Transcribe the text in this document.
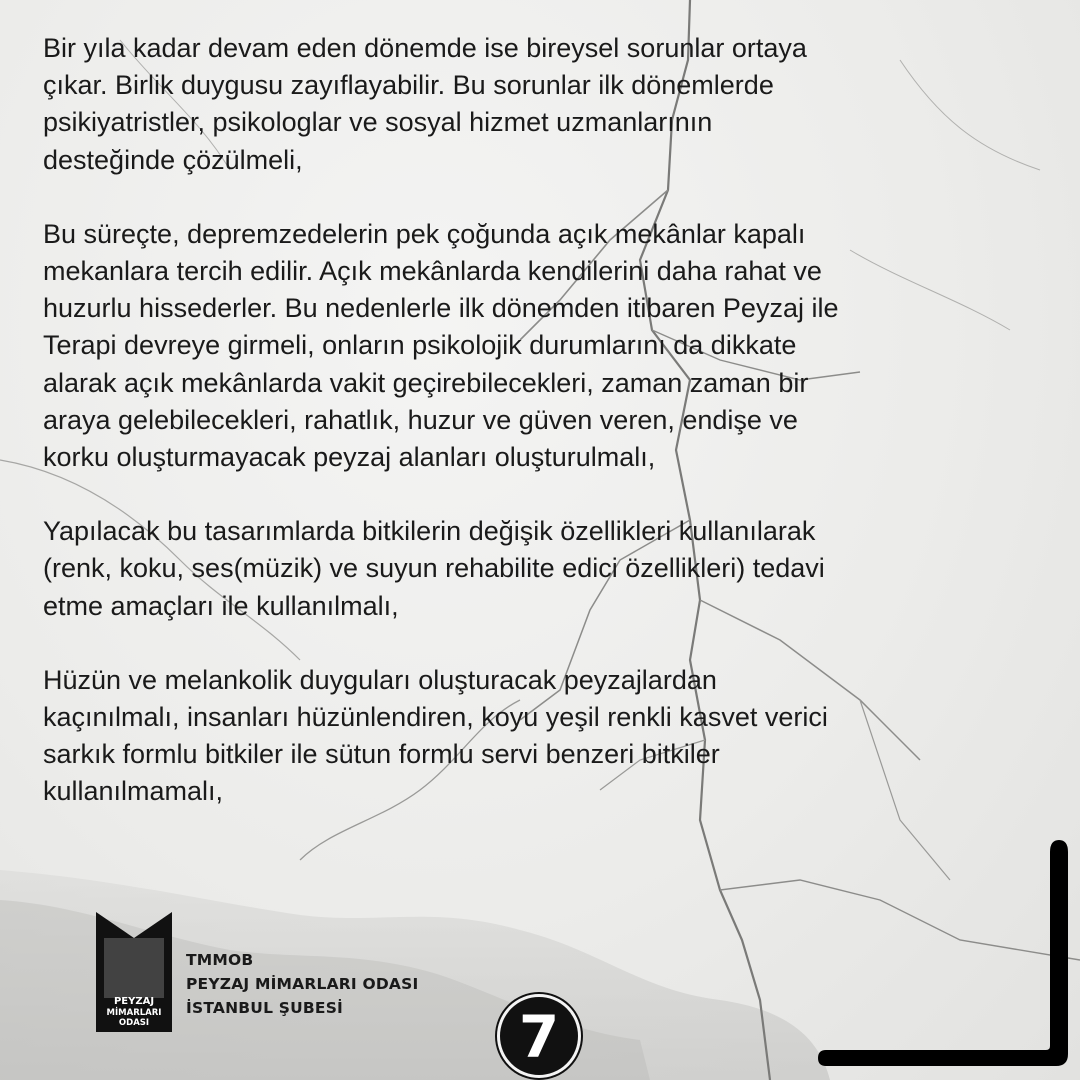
Bir yıla kadar devam eden dönemde ise bireysel sorunlar ortaya
çıkar. Birlik duygusu zayıflayabilir. Bu sorunlar ilk dönemlerde
psikiyatristler, psikologlar ve sosyal hizmet uzmanlarının
desteğinde çözülmeli,

Bu süreçte, depremzedelerin pek çoğunda açık mekânlar kapalı
mekanlara tercih edilir. Açık mekânlarda kendilerini daha rahat ve
huzurlu hissederler. Bu nedenlerle ilk dönemden itibaren Peyzaj ile
Terapi devreye girmeli, onların psikolojik durumlarını da dikkate
alarak açık mekânlarda vakit geçirebilecekleri, zaman zaman bir
araya gelebilecekleri, rahatlık, huzur ve güven veren, endişe ve
korku oluşturmayacak peyzaj alanları oluşturulmalı,

Yapılacak bu tasarımlarda bitkilerin değişik özellikleri kullanılarak
(renk, koku, ses(müzik) ve suyun rehabilite edici özellikleri) tedavi
etme amaçları ile kullanılmalı,

Hüzün ve melankolik duyguları oluşturacak peyzajlardan
kaçınılmalı, insanları hüzünlendiren, koyu yeşil renkli kasvet verici
sarkık formlu bitkiler ile sütun formlu servi benzeri bitkiler
kullanılmamalı,

PEYZAJ
MİMARLARI
ODASI
TMMOB
PEYZAJ MİMARLARI ODASI
İSTANBUL ŞUBESİ	7
